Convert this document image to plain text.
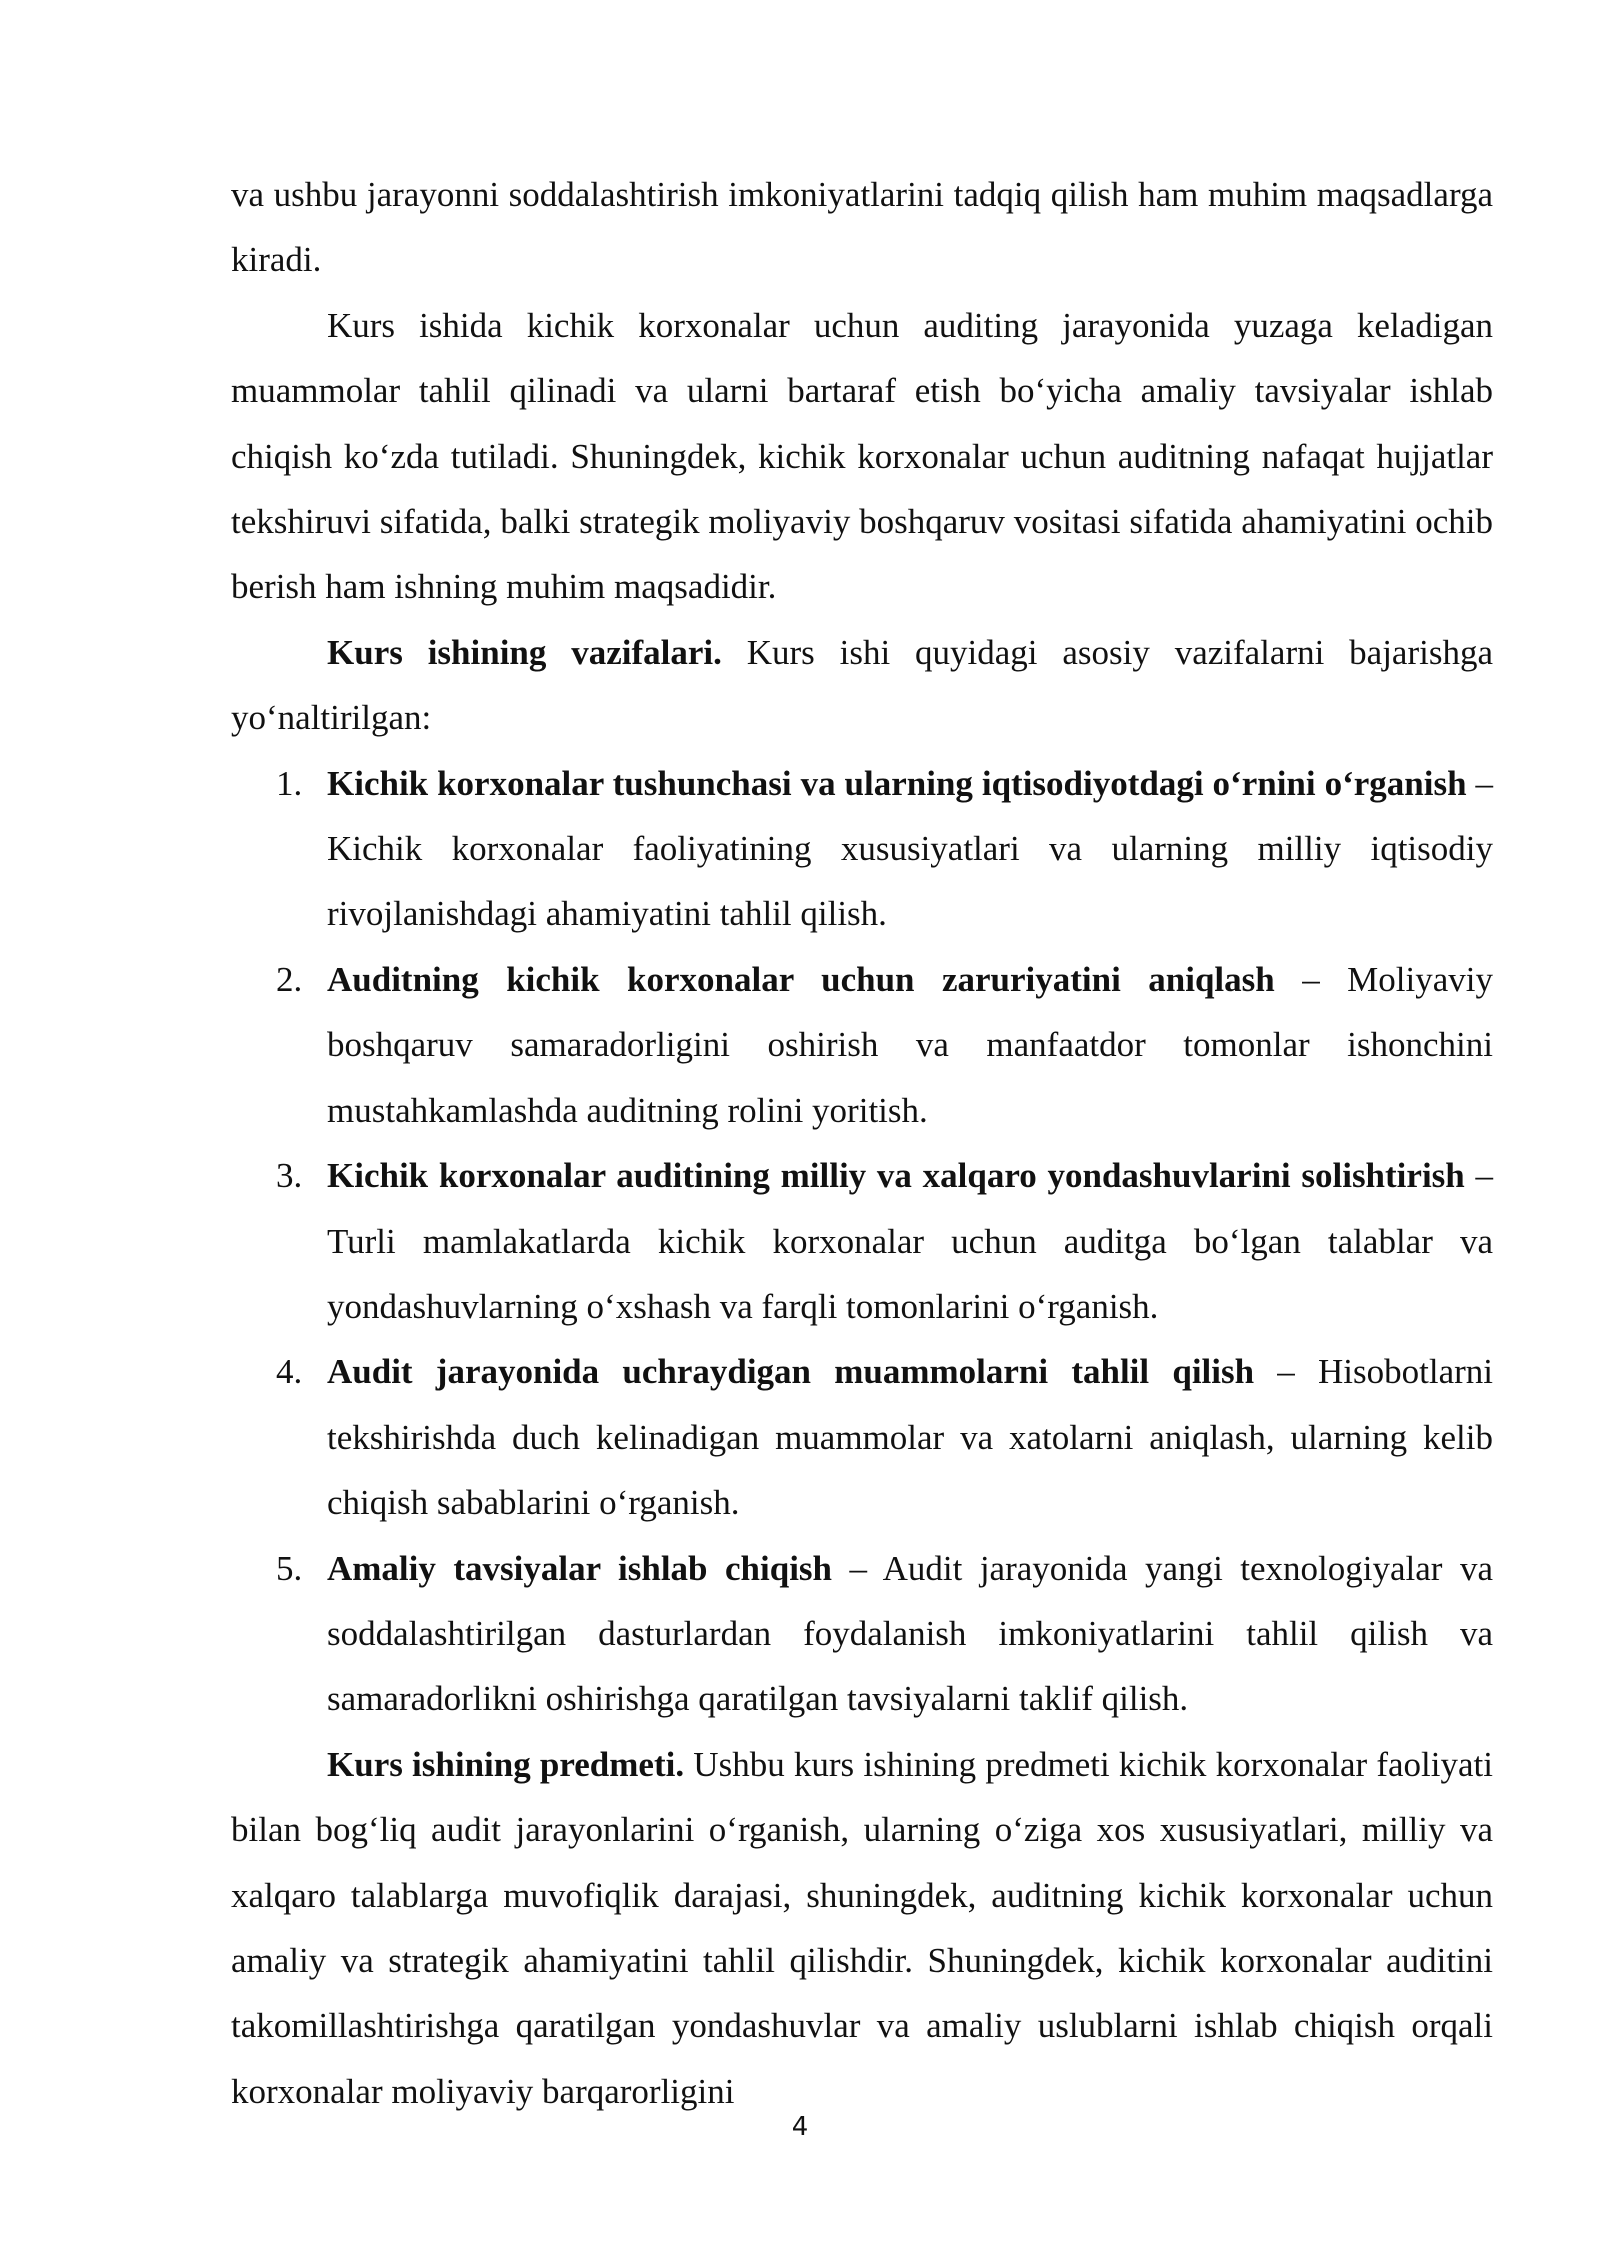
va ushbu jarayonni soddalashtirish imkoniyatlarini tadqiq qilish ham muhim maqsadlarga kiradi.

Kurs ishida kichik korxonalar uchun auditing jarayonida yuzaga keladigan muammolar tahlil qilinadi va ularni bartaraf etish bo‘yicha amaliy tavsiyalar ishlab chiqish ko‘zda tutiladi. Shuningdek, kichik korxonalar uchun auditning nafaqat hujjatlar tekshiruvi sifatida, balki strategik moliyaviy boshqaruv vositasi sifatida ahamiyatini ochib berish ham ishning muhim maqsadidir.

Kurs ishining vazifalari. Kurs ishi quyidagi asosiy vazifalarni bajarishga yo‘naltirilgan:

1. Kichik korxonalar tushunchasi va ularning iqtisodiyotdagi o‘rnini o‘rganish – Kichik korxonalar faoliyatining xususiyatlari va ularning milliy iqtisodiy rivojlanishdagi ahamiyatini tahlil qilish.
2. Auditning kichik korxonalar uchun zaruriyatini aniqlash – Moliyaviy boshqaruv samaradorligini oshirish va manfaatdor tomonlar ishonchini mustahkamlashda auditning rolini yoritish.
3. Kichik korxonalar auditining milliy va xalqaro yondashuvlarini solishtirish – Turli mamlakatlarda kichik korxonalar uchun auditga bo‘lgan talablar va yondashuvlarning o‘xshash va farqli tomonlarini o‘rganish.
4. Audit jarayonida uchraydigan muammolarni tahlil qilish – Hisobotlarni tekshirishda duch kelinadigan muammolar va xatolarni aniqlash, ularning kelib chiqish sabablarini o‘rganish.
5. Amaliy tavsiyalar ishlab chiqish – Audit jarayonida yangi texnologiyalar va soddalashtirilgan dasturlardan foydalanish imkoniyatlarini tahlil qilish va samaradorlikni oshirishga qaratilgan tavsiyalarni taklif qilish.

Kurs ishining predmeti. Ushbu kurs ishining predmeti kichik korxonalar faoliyati bilan bog‘liq audit jarayonlarini o‘rganish, ularning o‘ziga xos xususiyatlari, milliy va xalqaro talablarga muvofiqlik darajasi, shuningdek, auditning kichik korxonalar uchun amaliy va strategik ahamiyatini tahlil qilishdir. Shuningdek, kichik korxonalar auditini takomillashtirishga qaratilgan yondashuvlar va amaliy uslublarni ishlab chiqish orqali korxonalar moliyaviy barqarorligini

4
